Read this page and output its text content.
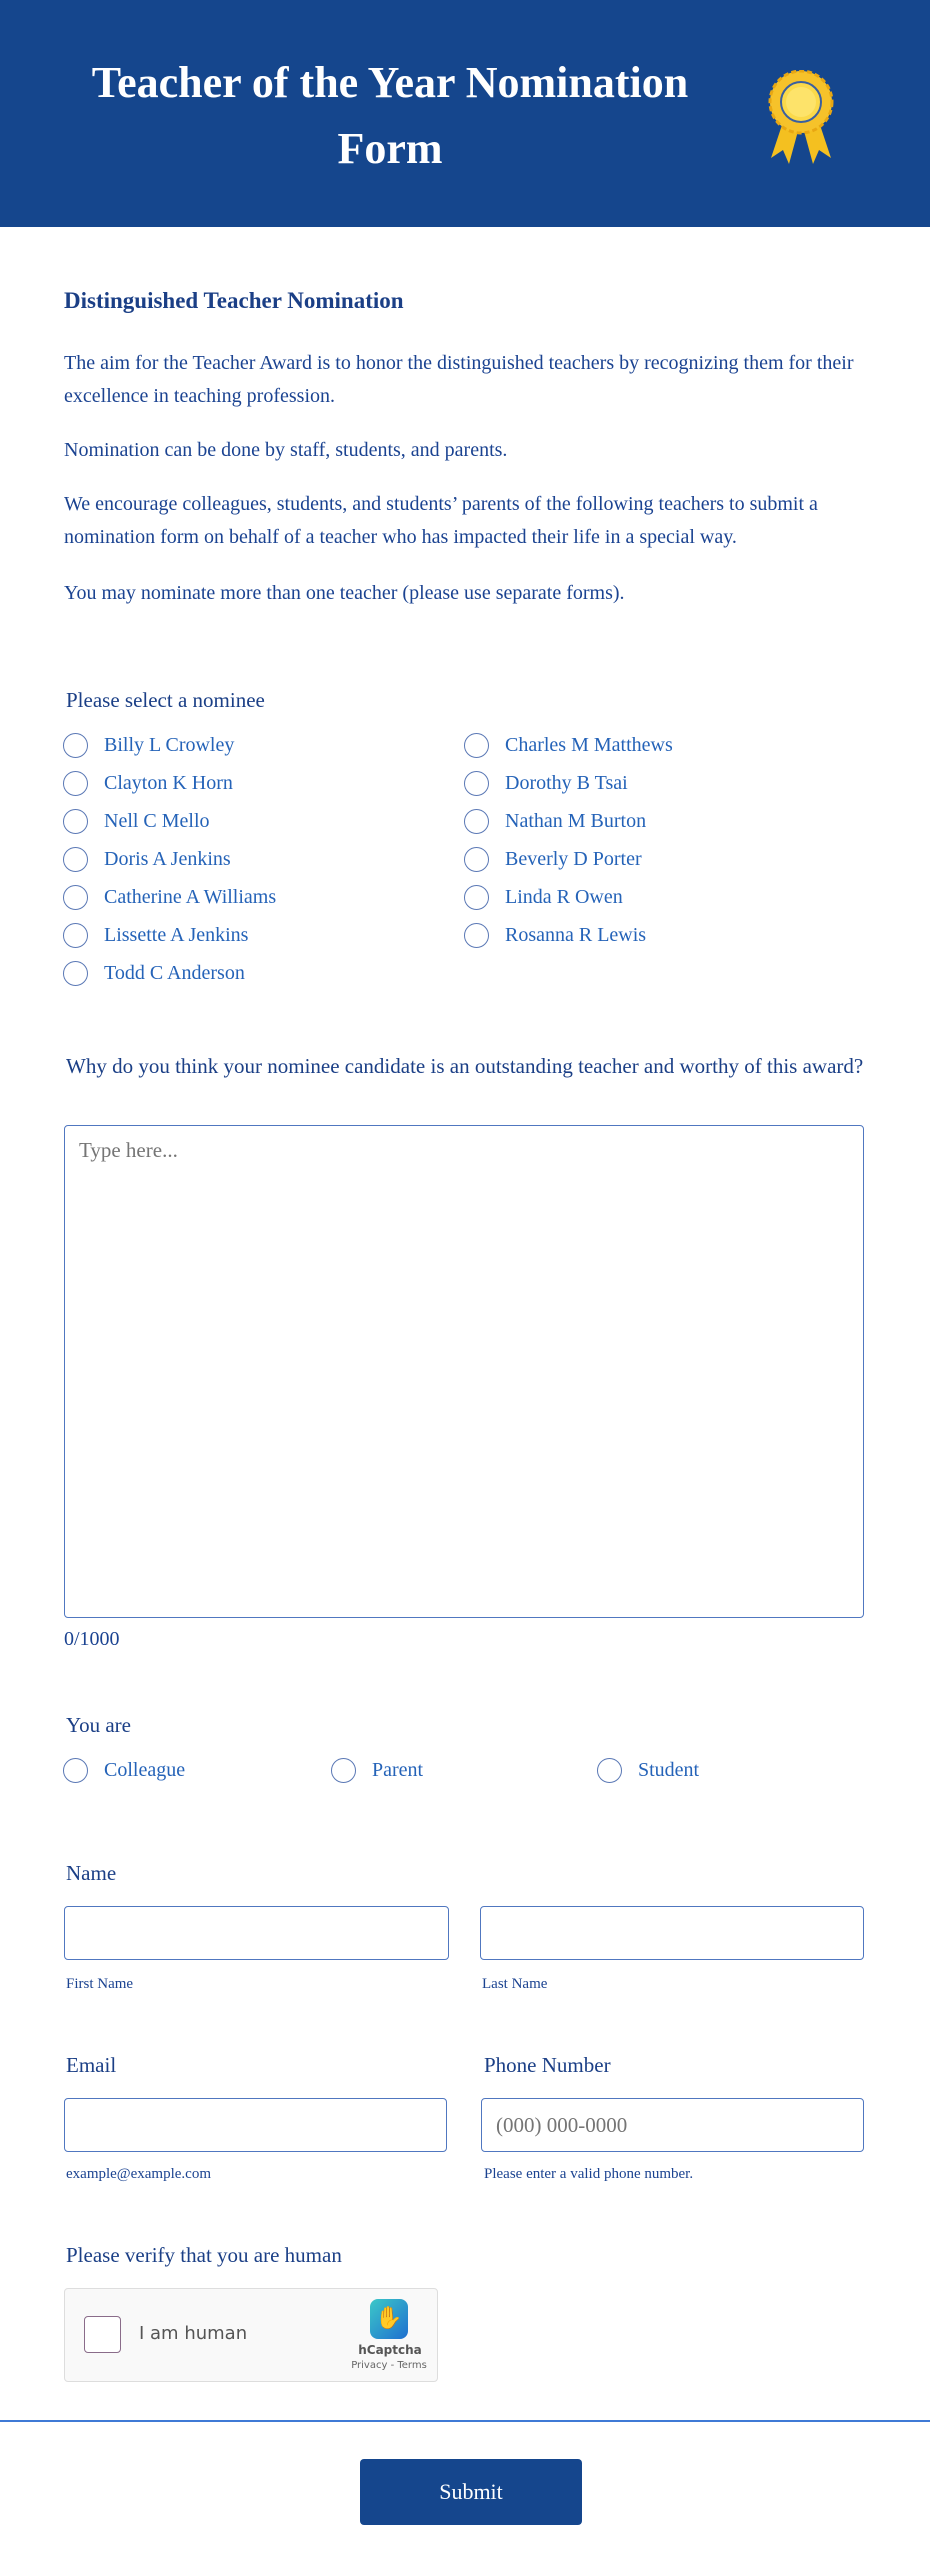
Teacher of the Year Nomination Form
Distinguished Teacher Nomination
The aim for the Teacher Award is to honor the distinguished teachers by recognizing them for their excellence in teaching profession.
Nomination can be done by staff, students, and parents.
We encourage colleagues, students, and students’ parents of the following teachers to submit a nomination form on behalf of a teacher who has impacted their life in a special way.
You may nominate more than one teacher (please use separate forms).
Please select a nominee
Billy L Crowley
Clayton K Horn
Nell C Mello
Doris A Jenkins
Catherine A Williams
Lissette A Jenkins
Todd C Anderson
Charles M Matthews
Dorothy B Tsai
Nathan M Burton
Beverly D Porter
Linda R Owen
Rosanna R Lewis
Why do you think your nominee candidate is an outstanding teacher and worthy of this award?
Type here...
0/1000
You are
Colleague	Parent	Student
Name
First Name	Last Name
Email	Phone Number
(000) 000-0000
example@example.com	Please enter a valid phone number.
Please verify that you are human
I am human
✋
hCaptcha
Privacy - Terms
Submit
